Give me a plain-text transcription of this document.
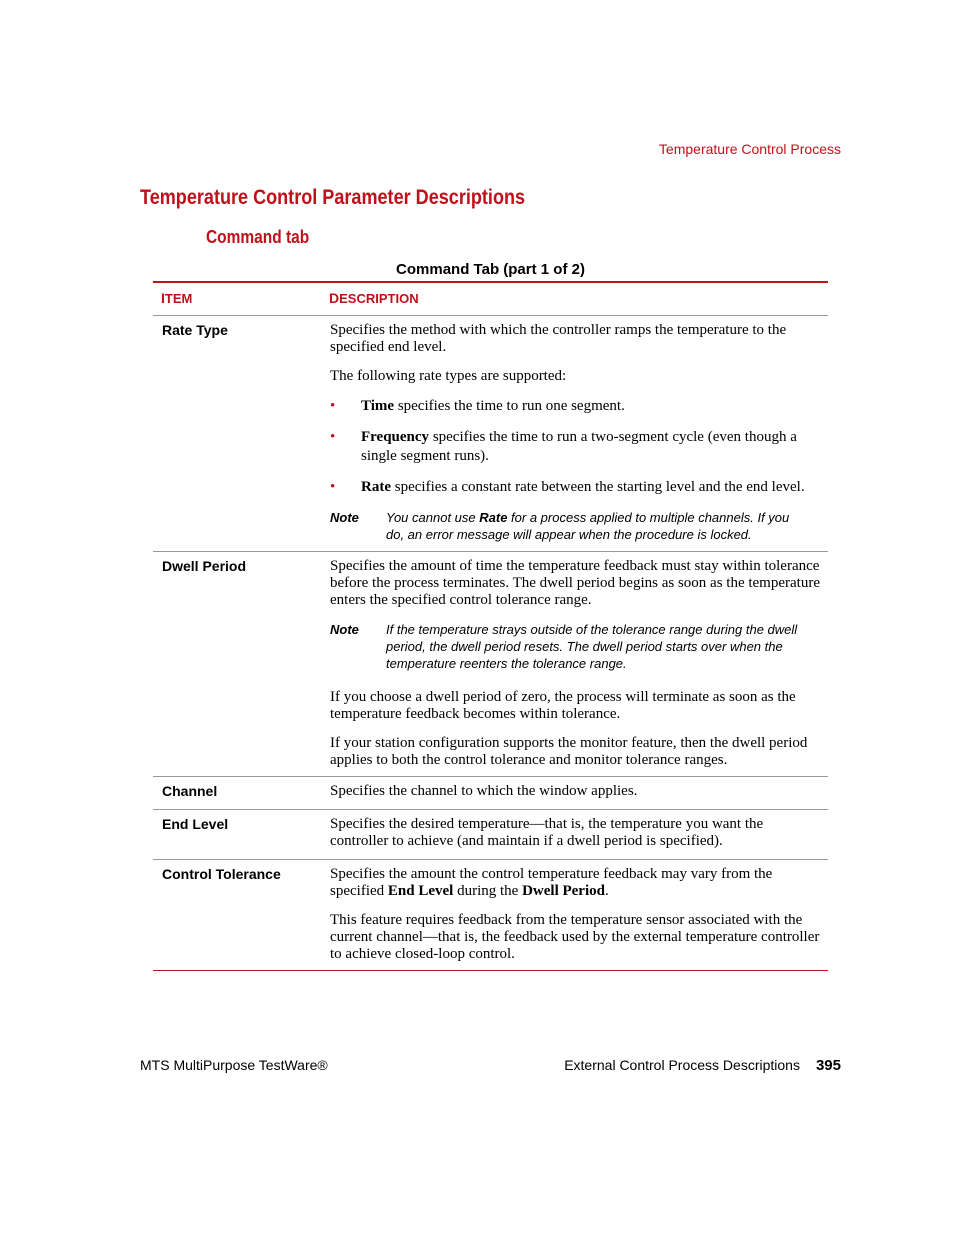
Temperature Control Process
Temperature Control Parameter Descriptions
Command tab
Command Tab (part 1 of 2)
ITEM	DESCRIPTION
Rate Type	Specifies the method with which the controller ramps the temperature to the specified end level.

The following rate types are supported:

•	Time specifies the time to run one segment.
•	Frequency specifies the time to run a two-segment cycle (even though a single segment runs).
•	Rate specifies a constant rate between the starting level and the end level.
Note	You cannot use Rate for a process applied to multiple channels. If you do, an error message will appear when the procedure is locked.
Dwell Period	Specifies the amount of time the temperature feedback must stay within tolerance before the process terminates. The dwell period begins as soon as the temperature enters the specified control tolerance range.

Note	If the temperature strays outside of the tolerance range during the dwell period, the dwell period resets. The dwell period starts over when the temperature reenters the tolerance range.

If you choose a dwell period of zero, the process will terminate as soon as the temperature feedback becomes within tolerance.

If your station configuration supports the monitor feature, then the dwell period applies to both the control tolerance and monitor tolerance ranges.

Channel	Specifies the channel to which the window applies.

End Level	Specifies the desired temperature—that is, the temperature you want the controller to achieve (and maintain if a dwell period is specified).

Control Tolerance	Specifies the amount the control temperature feedback may vary from the specified End Level during the Dwell Period.

This feature requires feedback from the temperature sensor associated with the current channel—that is, the feedback used by the external temperature controller to achieve closed-loop control.

MTS MultiPurpose TestWare®	External Control Process Descriptions 395
